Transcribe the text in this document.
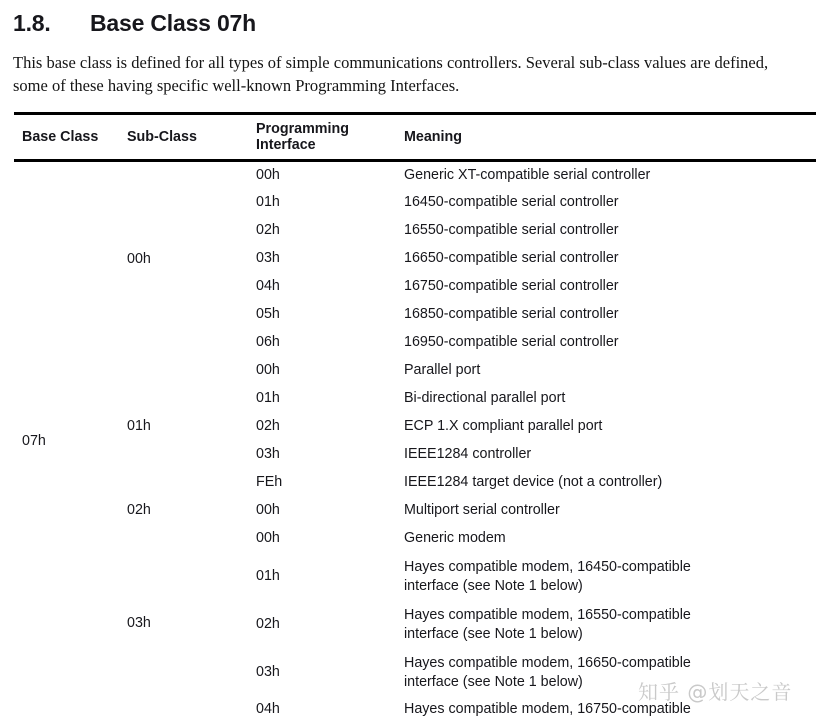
1.8.	Base Class 07h

This base class is defined for all types of simple communications controllers. Several sub-class values are defined, some of these having specific well-known Programming Interfaces.

Base Class	Sub-Class	Programming Interface	Meaning

07h	00h	00h	Generic XT-compatible serial controller

		01h	16450-compatible serial controller

		02h	16550-compatible serial controller

		03h	16650-compatible serial controller

		04h	16750-compatible serial controller

		05h	16850-compatible serial controller

		06h	16950-compatible serial controller

	01h	00h	Parallel port

		01h	Bi-directional parallel port

		02h	ECP 1.X compliant parallel port

		03h	IEEE1284 controller

		FEh	IEEE1284 target device (not a controller)

	02h	00h	Multiport serial controller

	03h	00h	Generic modem

		01h	Hayes compatible modem, 16450-compatible
interface (see Note 1 below)

		02h	Hayes compatible modem, 16550-compatible
interface (see Note 1 below)

		03h	Hayes compatible modem, 16650-compatible
interface (see Note 1 below)

		04h	Hayes compatible modem, 16750-compatible
知乎 @划天之音
